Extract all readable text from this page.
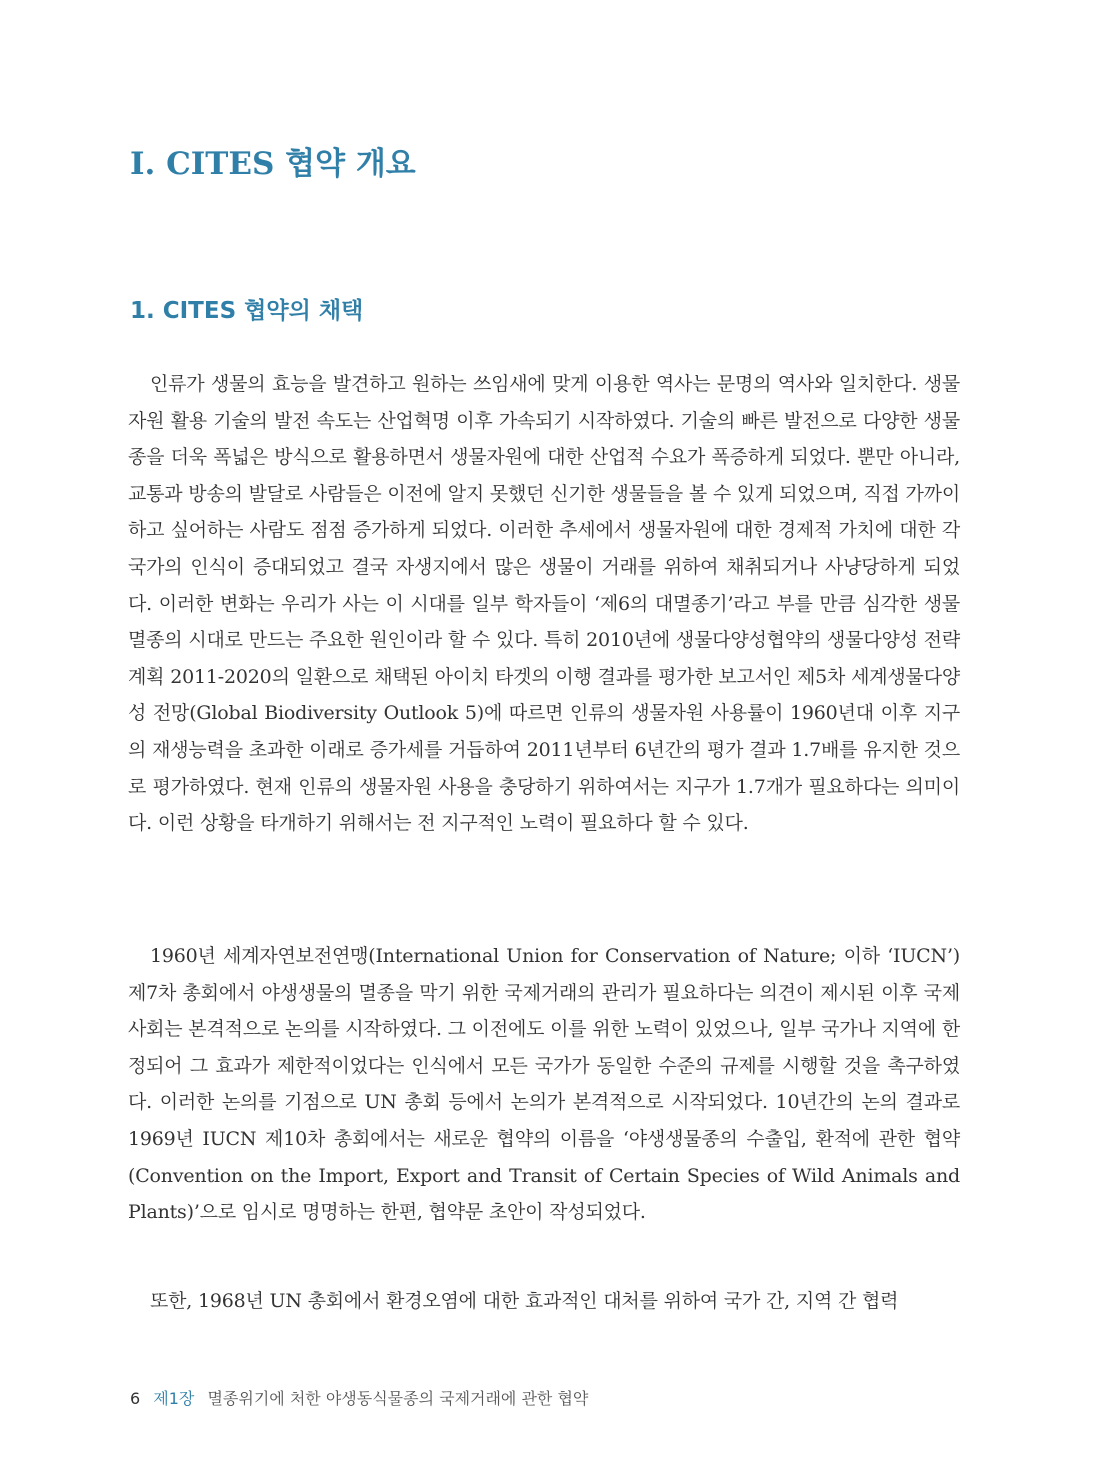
Ⅰ. CITES 협약 개요
1. CITES 협약의 채택

인류가 생물의 효능을 발견하고 원하는 쓰임새에 맞게 이용한 역사는 문명의 역사와 일치한다. 생물자원 활용 기술의 발전 속도는 산업혁명 이후 가속되기 시작하였다. 기술의 빠른 발전으로 다양한 생물종을 더욱 폭넓은 방식으로 활용하면서 생물자원에 대한 산업적 수요가 폭증하게 되었다. 뿐만 아니라, 교통과 방송의 발달로 사람들은 이전에 알지 못했던 신기한 생물들을 볼 수 있게 되었으며, 직접 가까이 하고 싶어하는 사람도 점점 증가하게 되었다. 이러한 추세에서 생물자원에 대한 경제적 가치에 대한 각 국가의 인식이 증대되었고 결국 자생지에서 많은 생물이 거래를 위하여 채취되거나 사냥당하게 되었다. 이러한 변화는 우리가 사는 이 시대를 일부 학자들이 ‘제6의 대멸종기’라고 부를 만큼 심각한 생물 멸종의 시대로 만드는 주요한 원인이라 할 수 있다. 특히 2010년에 생물다양성협약의 생물다양성 전략계획 2011-2020의 일환으로 채택된 아이치 타겟의 이행 결과를 평가한 보고서인 제5차 세계생물다양성 전망(Global Biodiversity Outlook 5)에 따르면 인류의 생물자원 사용률이 1960년대 이후 지구의 재생능력을 초과한 이래로 증가세를 거듭하여 2011년부터 6년간의 평가 결과 1.7배를 유지한 것으로 평가하였다. 현재 인류의 생물자원 사용을 충당하기 위하여서는 지구가 1.7개가 필요하다는 의미이다. 이런 상황을 타개하기 위해서는 전 지구적인 노력이 필요하다 할 수 있다.

1960년 세계자연보전연맹(International Union for Conservation of Nature; 이하 ‘IUCN’) 제7차 총회에서 야생생물의 멸종을 막기 위한 국제거래의 관리가 필요하다는 의견이 제시된 이후 국제 사회는 본격적으로 논의를 시작하였다. 그 이전에도 이를 위한 노력이 있었으나, 일부 국가나 지역에 한정되어 그 효과가 제한적이었다는 인식에서 모든 국가가 동일한 수준의 규제를 시행할 것을 촉구하였다. 이러한 논의를 기점으로 UN 총회 등에서 논의가 본격적으로 시작되었다. 10년간의 논의 결과로 1969년 IUCN 제10차 총회에서는 새로운 협약의 이름을 ‘야생생물종의 수출입, 환적에 관한 협약(Convention on the Import, Export and Transit of Certain Species of Wild Animals and Plants)’으로 임시로 명명하는 한편, 협약문 초안이 작성되었다.

또한, 1968년 UN 총회에서 환경오염에 대한 효과적인 대처를 위하여 국가 간, 지역 간 협력

6 제1장 멸종위기에 처한 야생동식물종의 국제거래에 관한 협약
